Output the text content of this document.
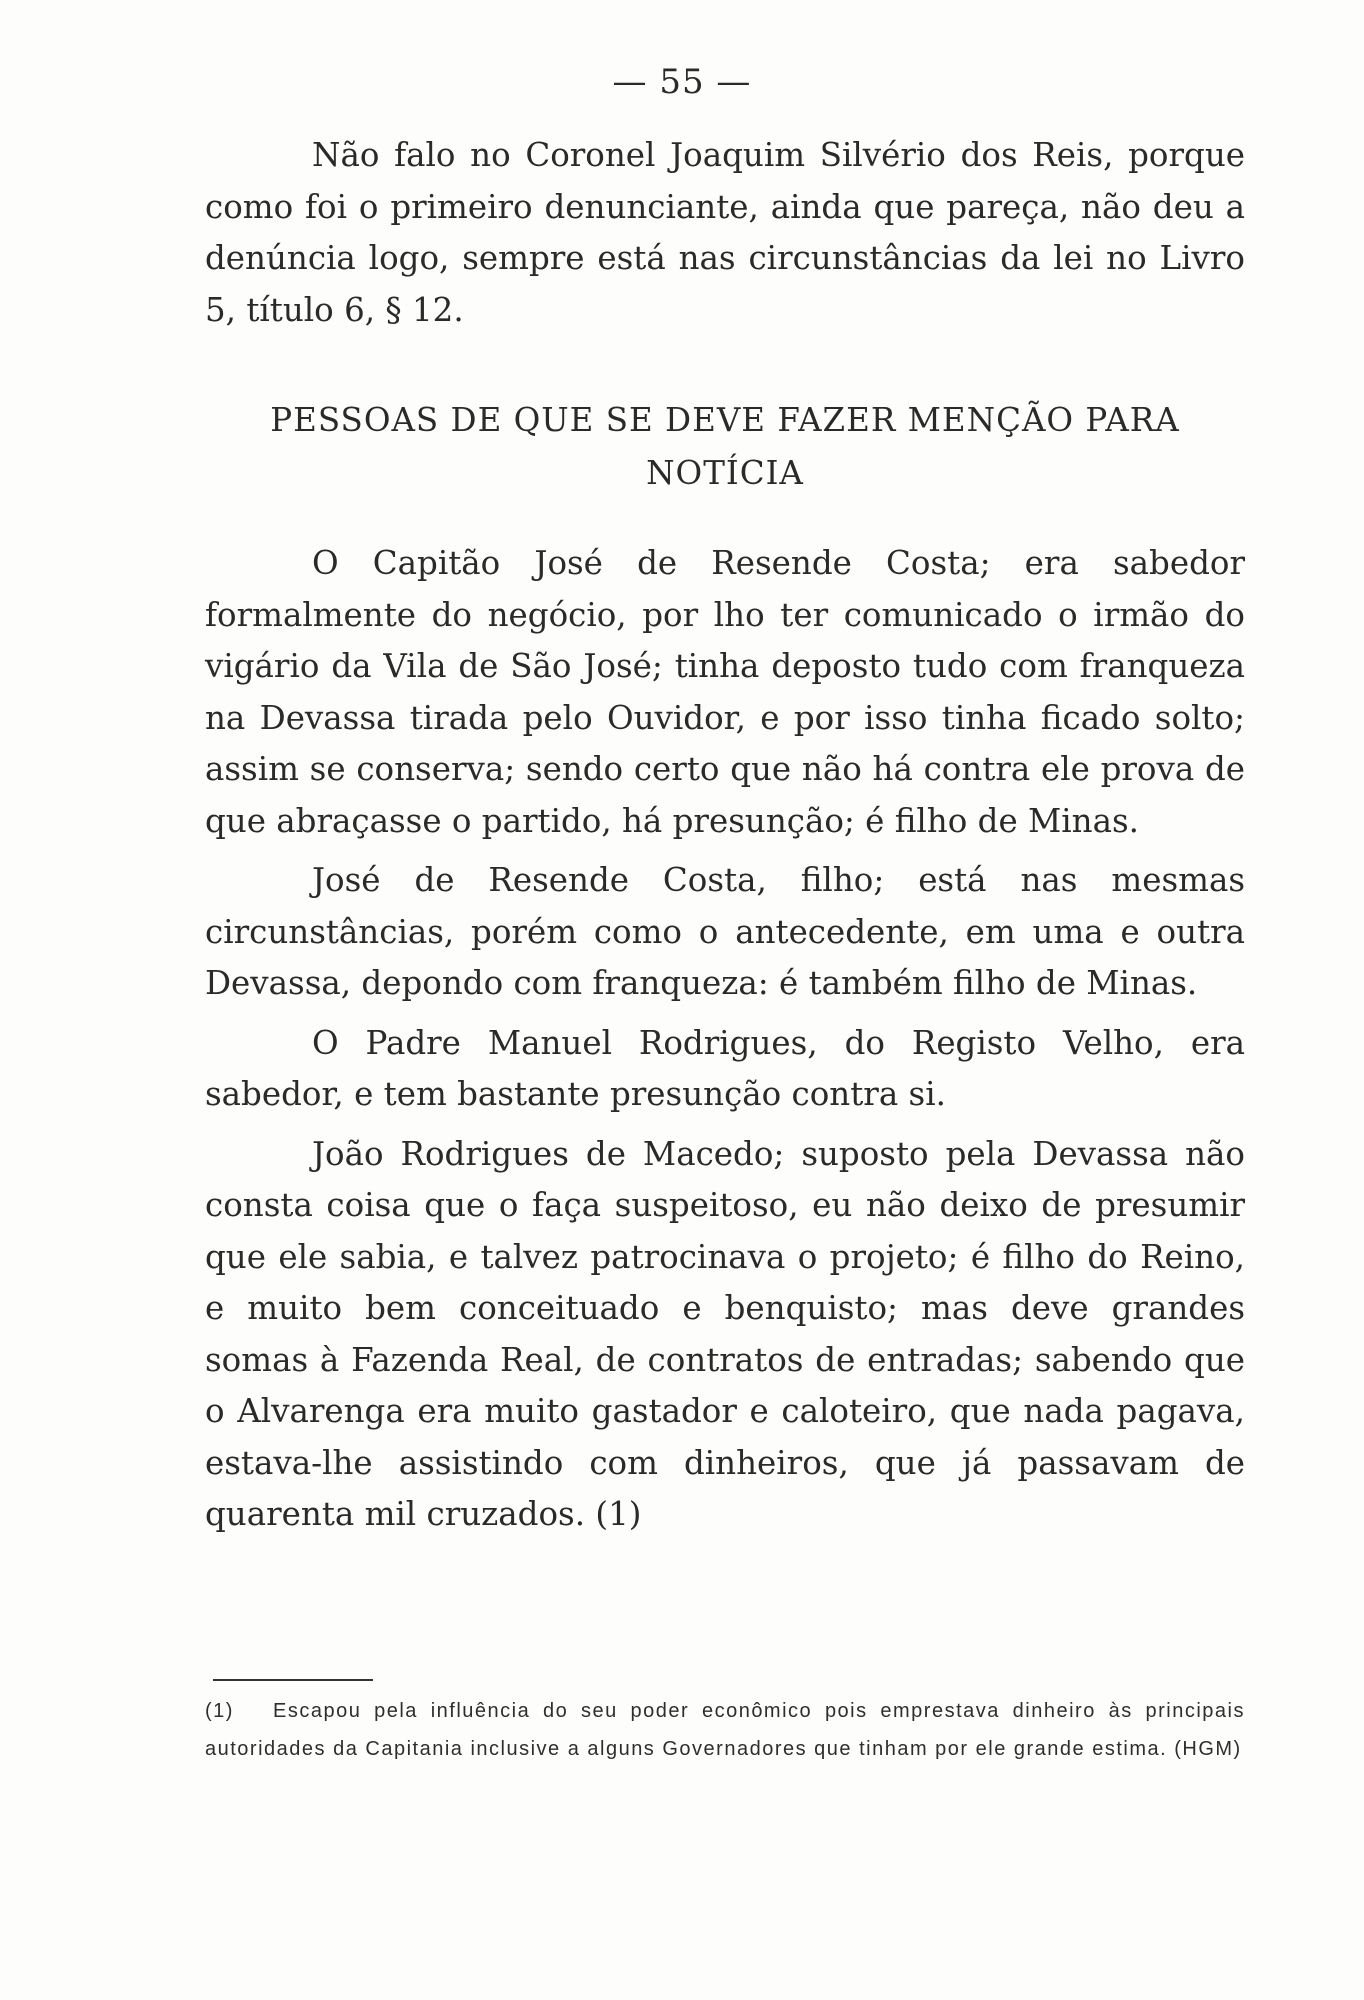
— 55 —

Não falo no Coronel Joaquim Silvério dos Reis, porque como foi o primeiro denunciante, ainda que pareça, não deu a denúncia logo, sempre está nas circunstâncias da lei no Livro 5, título 6, § 12.

PESSOAS DE QUE SE DEVE FAZER MENÇÃO PARA
NOTÍCIA

O Capitão José de Resende Costa; era sabedor formalmente do negócio, por lho ter comunicado o irmão do vigário da Vila de São José; tinha deposto tudo com franqueza na Devassa tirada pelo Ouvidor, e por isso tinha ficado solto; assim se conserva; sendo certo que não há contra ele prova de que abraçasse o partido, há presunção; é filho de Minas.

José de Resende Costa, filho; está nas mesmas circunstâncias, porém como o antecedente, em uma e outra Devassa, depondo com franqueza: é também filho de Minas.

O Padre Manuel Rodrigues, do Registo Velho, era sabedor, e tem bastante presunção contra si.

João Rodrigues de Macedo; suposto pela Devassa não consta coisa que o faça suspeitoso, eu não deixo de presumir que ele sabia, e talvez patrocinava o projeto; é filho do Reino, e muito bem conceituado e benquisto; mas deve grandes somas à Fazenda Real, de contratos de entradas; sabendo que o Alvarenga era muito gastador e caloteiro, que nada pagava, estava-lhe assistindo com dinheiros, que já passavam de quarenta mil cruzados. (1)

(1) Escapou pela influência do seu poder econômico pois emprestava dinheiro às principais autoridades da Capitania inclusive a alguns Governadores que tinham por ele grande estima. (HGM)
